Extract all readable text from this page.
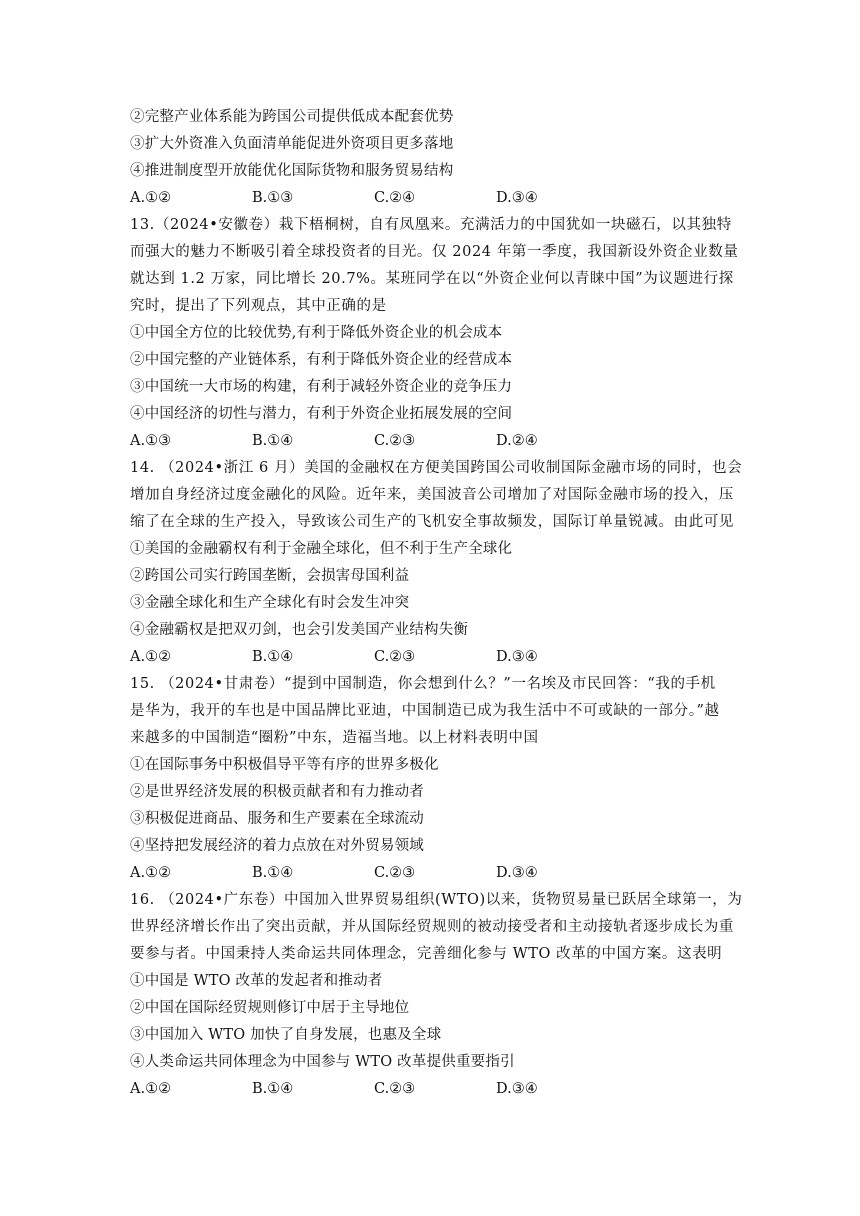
②完整产业体系能为跨国公司提供低成本配套优势
③扩大外资准入负面清单能促进外资项目更多落地
④推进制度型开放能优化国际货物和服务贸易结构
A.①②	B.①③	C.②④	D.③④
13.（2024•安徽卷）栽下梧桐树，自有凤凰来。充满活力的中国犹如一块磁石，以其独特
而强大的魅力不断吸引着全球投资者的目光。仅 2024 年第一季度，我国新设外资企业数量
就达到 1.2 万家，同比增长 20.7%。某班同学在以“外资企业何以青睐中国”为议题进行探
究时，提出了下列观点，其中正确的是
①中国全方位的比较优势,有利于降低外资企业的机会成本
②中国完整的产业链体系，有利于降低外资企业的经营成本
③中国统一大市场的构建，有利于减轻外资企业的竞争压力
④中国经济的切性与潜力，有利于外资企业拓展发展的空间
A.①③	B.①④	C.②③	D.②④
14. （2024•浙江 6 月）美国的金融权在方便美国跨国公司收制国际金融市场的同时，也会
增加自身经济过度金融化的风险。近年来，美国波音公司增加了对国际金融市场的投入，压
缩了在全球的生产投入，导致该公司生产的飞机安全事故频发，国际订单量锐减。由此可见
①美国的金融霸权有利于金融全球化，但不利于生产全球化
②跨国公司实行跨国垄断，会损害母国利益
③金融全球化和生产全球化有时会发生冲突
④金融霸权是把双刃剑，也会引发美国产业结构失衡
A.①②	B.①④	C.②③	D.③④
15. （2024•甘肃卷）“提到中国制造，你会想到什么？”一名埃及市民回答：“我的手机
是华为，我开的车也是中国品牌比亚迪，中国制造已成为我生活中不可或缺的一部分。”越
来越多的中国制造“圈粉”中东，造福当地。以上材料表明中国
①在国际事务中积极倡导平等有序的世界多极化
②是世界经济发展的积极贡献者和有力推动者
③积极促进商品、服务和生产要素在全球流动
④坚持把发展经济的着力点放在对外贸易领域
A.①②	B.①④	C.②③	D.③④
16. （2024•广东卷）中国加入世界贸易组织(WTO)以来，货物贸易量已跃居全球第一，为
世界经济增长作出了突出贡献，并从国际经贸规则的被动接受者和主动接轨者逐步成长为重
要参与者。中国秉持人类命运共同体理念，完善细化参与 WTO 改革的中国方案。这表明
①中国是 WTO 改革的发起者和推动者
②中国在国际经贸规则修订中居于主导地位
③中国加入 WTO 加快了自身发展，也惠及全球
④人类命运共同体理念为中国参与 WTO 改革提供重要指引
A.①②	B.①④	C.②③	D.③④
